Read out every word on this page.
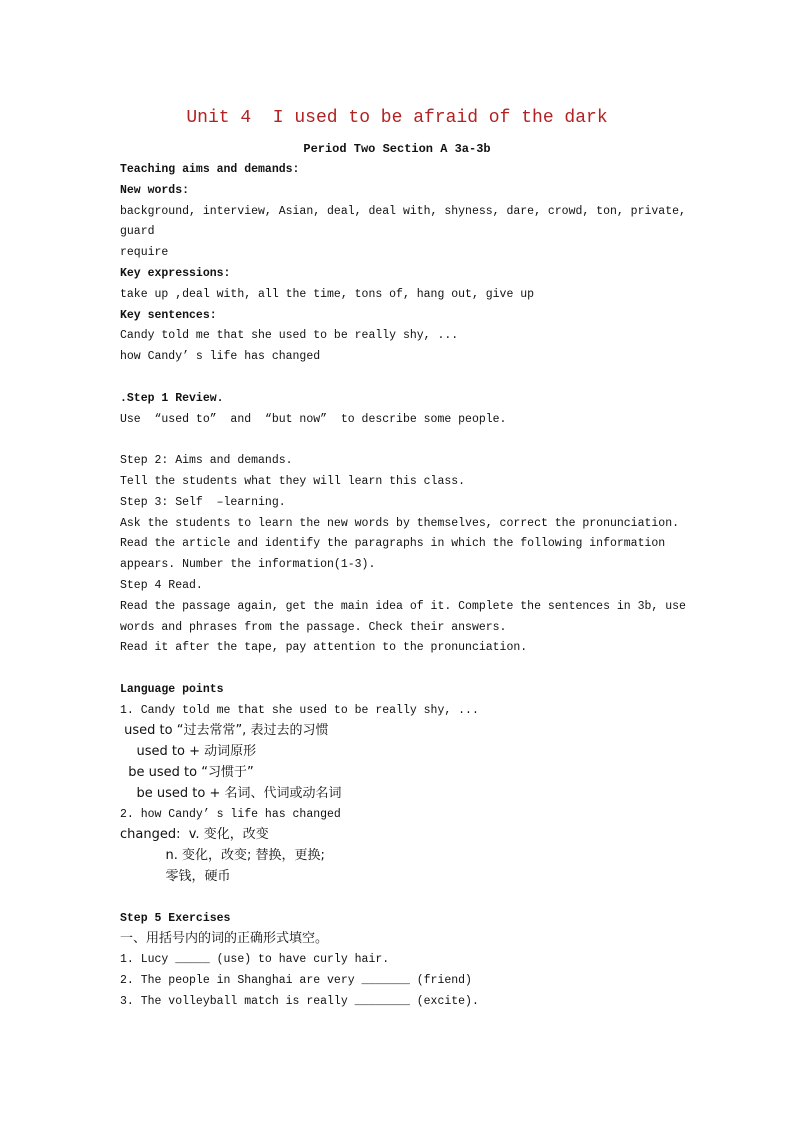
Unit 4  I used to be afraid of the dark
Period Two Section A 3a-3b
Teaching aims and demands:
New words:
background, interview, Asian, deal, deal with, shyness, dare, crowd, ton, private,
guard
require
Key expressions:
take up ,deal with, all the time, tons of, hang out, give up
Key sentences:
Candy told me that she used to be really shy, ...
how Candy’ s life has changed
.Step 1 Review.
Use  “used to”  and  “but now”  to describe some people.
Step 2: Aims and demands.
Tell the students what they will learn this class.
Step 3: Self  –learning.
Ask the students to learn the new words by themselves, correct the pronunciation.
Read the article and identify the paragraphs in which the following information
appears. Number the information(1-3).
Step 4 Read.
Read the passage again, get the main idea of it. Complete the sentences in 3b, use
words and phrases from the passage. Check their answers.
Read it after the tape, pay attention to the pronunciation.
Language points
1. Candy told me that she used to be really shy, ...
used to “过去常常”, 表过去的习惯
used to + 动词原形
be used to “习惯于”
be used to + 名词、代词或动名词
2. how Candy’ s life has changed
changed:  v. 变化，改变
n. 变化，改变; 替换，更换;
零钱，硬币
Step 5 Exercises
一、用括号内的词的正确形式填空。
1. Lucy _____ (use) to have curly hair.
2. The people in Shanghai are very _______ (friend)
3. The volleyball match is really ________ (excite).
